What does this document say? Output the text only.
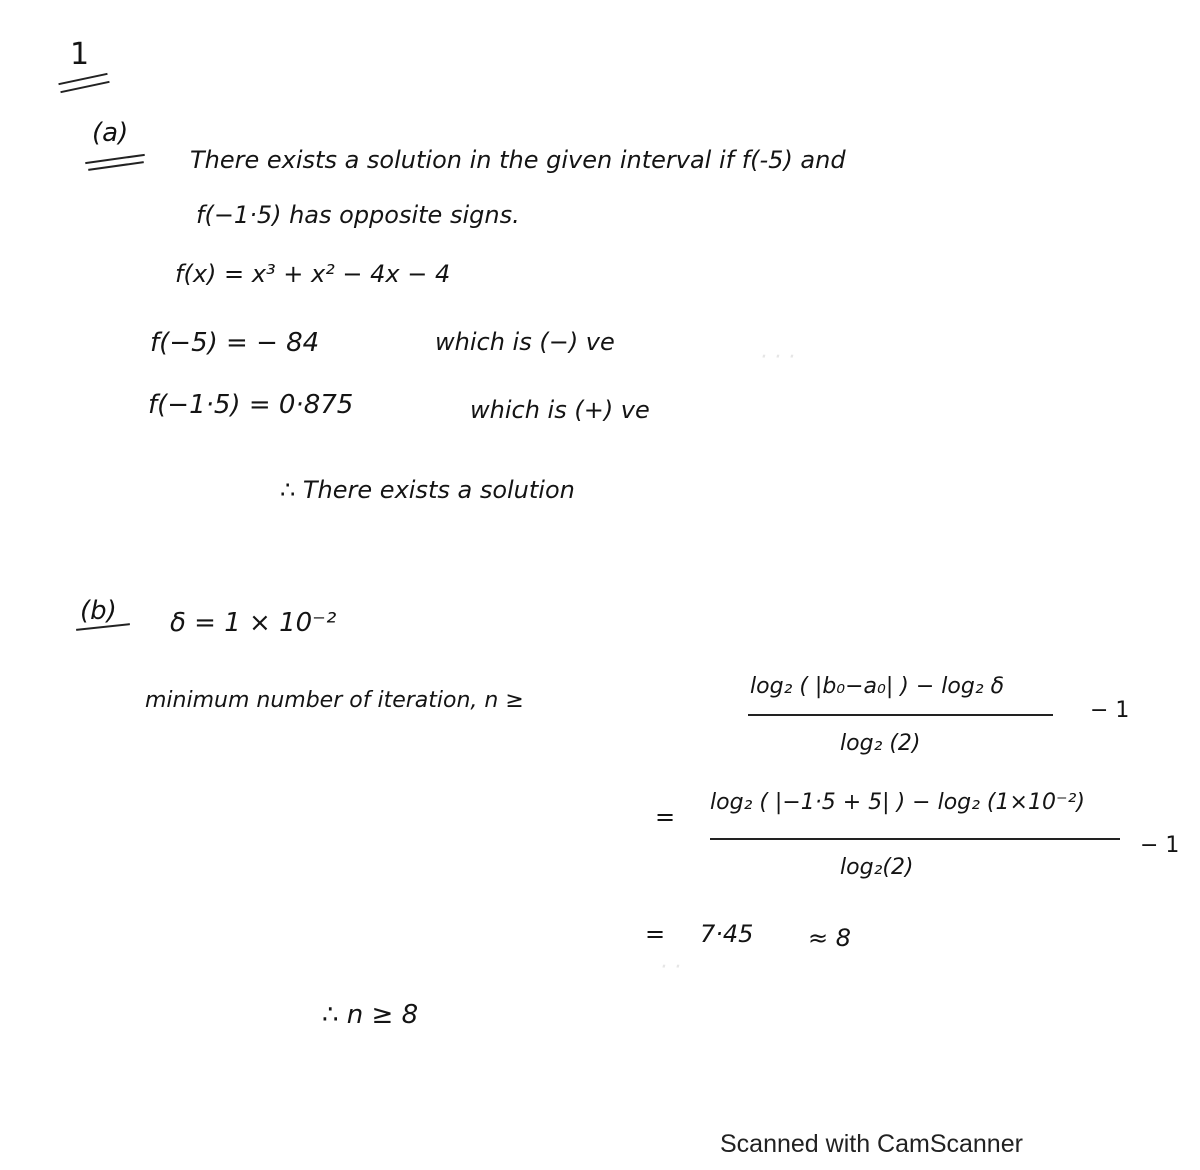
· · ·
· ·
1
(a)
There exists a solution in the given interval if f(-5) and
f(−1·5) has opposite signs.
f(x) = x³ + x² − 4x − 4
f(−5) = − 84	which is (−) ve
f(−1·5) = 0·875	which is (+) ve
∴ There exists a solution
(b) δ = 1 × 10⁻²
minimum number of iteration, n ≥
log₂ ( |b₀−a₀| ) − log₂ δ
log₂ (2)
− 1
=
log₂ ( |−1·5 + 5| ) − log₂ (1×10⁻²)
log₂(2)
− 1
= 7·45 ≈ 8
∴ n ≥ 8
Scanned with CamScanner
